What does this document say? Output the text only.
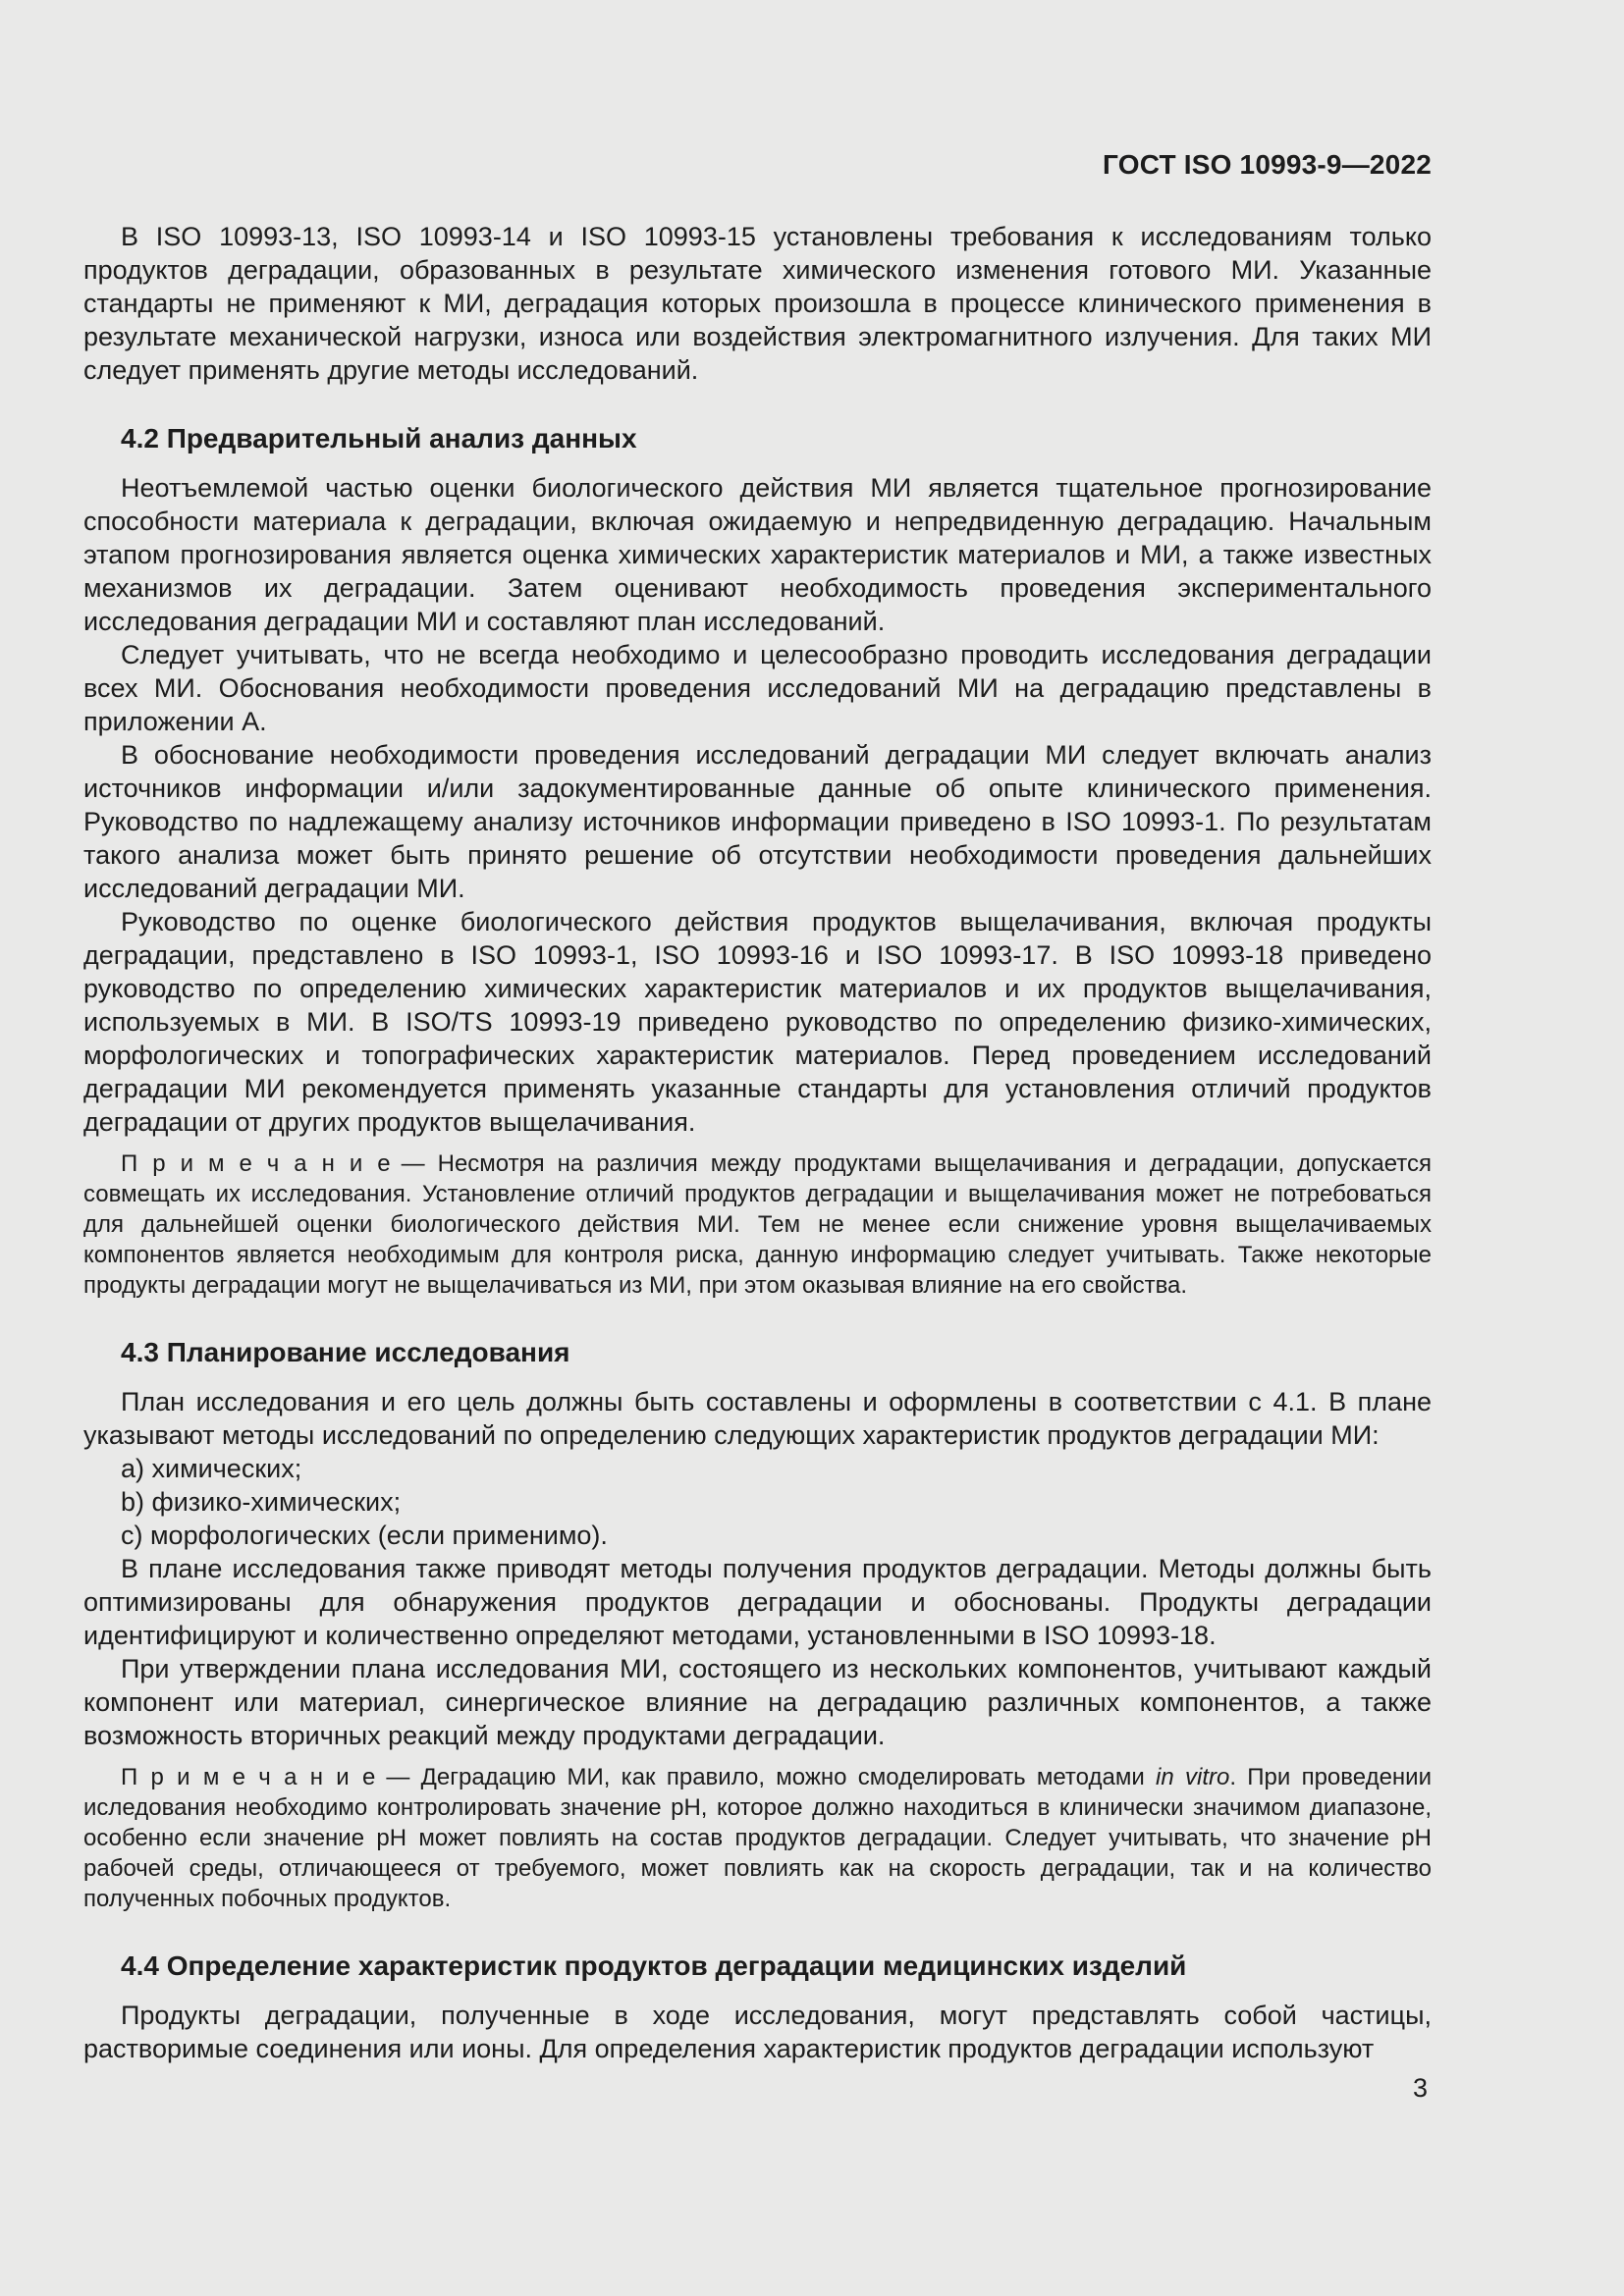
ГОСТ ISO 10993-9—2022

В ISO 10993-13, ISO 10993-14 и ISO 10993-15 установлены требования к исследованиям только продуктов деградации, образованных в результате химического изменения готового МИ. Указанные стандарты не применяют к МИ, деградация которых произошла в процессе клинического применения в результате механической нагрузки, износа или воздействия электромагнитного излучения. Для таких МИ следует применять другие методы исследований.

4.2 Предварительный анализ данных

Неотъемлемой частью оценки биологического действия МИ является тщательное прогнозирование способности материала к деградации, включая ожидаемую и непредвиденную деградацию. Начальным этапом прогнозирования является оценка химических характеристик материалов и МИ, а также известных механизмов их деградации. Затем оценивают необходимость проведения экспериментального исследования деградации МИ и составляют план исследований.

Следует учитывать, что не всегда необходимо и целесообразно проводить исследования деградации всех МИ. Обоснования необходимости проведения исследований МИ на деградацию представлены в приложении А.

В обоснование необходимости проведения исследований деградации МИ следует включать анализ источников информации и/или задокументированные данные об опыте клинического применения. Руководство по надлежащему анализу источников информации приведено в ISO 10993-1. По результатам такого анализа может быть принято решение об отсутствии необходимости проведения дальнейших исследований деградации МИ.

Руководство по оценке биологического действия продуктов выщелачивания, включая продукты деградации, представлено в ISO 10993-1, ISO 10993-16 и ISO 10993-17. В ISO 10993-18 приведено руководство по определению химических характеристик материалов и их продуктов выщелачивания, используемых в МИ. В ISO/TS 10993-19 приведено руководство по определению физико-химических, морфологических и топографических характеристик материалов. Перед проведением исследований деградации МИ рекомендуется применять указанные стандарты для установления отличий продуктов деградации от других продуктов выщелачивания.

П р и м е ч а н и е — Несмотря на различия между продуктами выщелачивания и деградации, допускается совмещать их исследования. Установление отличий продуктов деградации и выщелачивания может не потребоваться для дальнейшей оценки биологического действия МИ. Тем не менее если снижение уровня выщелачиваемых компонентов является необходимым для контроля риска, данную информацию следует учитывать. Также некоторые продукты деградации могут не выщелачиваться из МИ, при этом оказывая влияние на его свойства.

4.3 Планирование исследования

План исследования и его цель должны быть составлены и оформлены в соответствии с 4.1. В плане указывают методы исследований по определению следующих характеристик продуктов деградации МИ:

a) химических;

b) физико-химических;

c) морфологических (если применимо).

В плане исследования также приводят методы получения продуктов деградации. Методы должны быть оптимизированы для обнаружения продуктов деградации и обоснованы. Продукты деградации идентифицируют и количественно определяют методами, установленными в ISO 10993-18.

При утверждении плана исследования МИ, состоящего из нескольких компонентов, учитывают каждый компонент или материал, синергическое влияние на деградацию различных компонентов, а также возможность вторичных реакций между продуктами деградации.

П р и м е ч а н и е — Деградацию МИ, как правило, можно смоделировать методами in vitro. При проведении иследования необходимо контролировать значение pH, которое должно находиться в клинически значимом диапазоне, особенно если значение pH может повлиять на состав продуктов деградации. Следует учитывать, что значение pH рабочей среды, отличающееся от требуемого, может повлиять как на скорость деградации, так и на количество полученных побочных продуктов.

4.4 Определение характеристик продуктов деградации медицинских изделий

Продукты деградации, полученные в ходе исследования, могут представлять собой частицы, растворимые соединения или ионы. Для определения характеристик продуктов деградации используют

3
